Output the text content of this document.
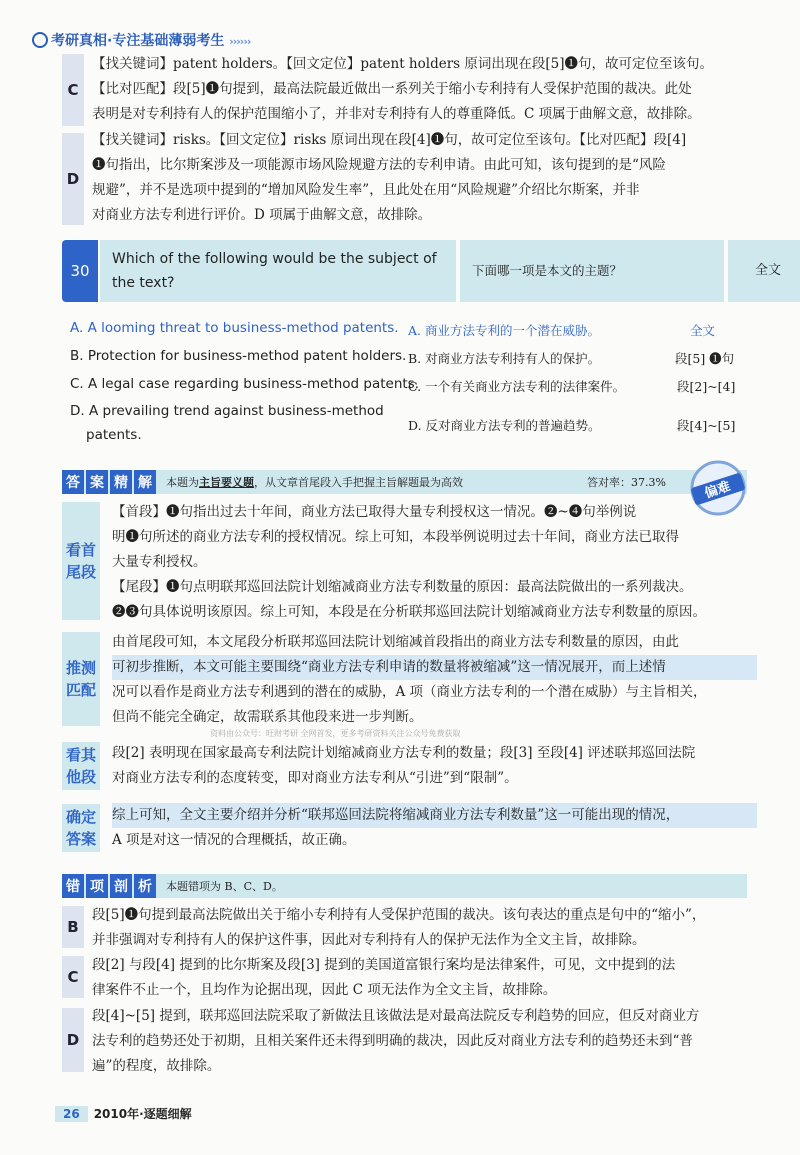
考研真相·专注基础薄弱考生 ››››››
C
【找关键词】patent holders。【回文定位】patent holders 原词出现在段[5]❶句，故可定位至该句。
【比对匹配】段[5]❶句提到，最高法院最近做出一系列关于缩小专利持有人受保护范围的裁决。此处
表明是对专利持有人的保护范围缩小了，并非对专利持有人的尊重降低。C 项属于曲解文意，故排除。
D
【找关键词】risks。【回文定位】risks 原词出现在段[4]❶句，故可定位至该句。【比对匹配】段[4]
❶句指出，比尔斯案涉及一项能源市场风险规避方法的专利申请。由此可知，该句提到的是“风险
规避”，并不是选项中提到的“增加风险发生率”，且此处在用“风险规避”介绍比尔斯案，并非
对商业方法专利进行评价。D 项属于曲解文意，故排除。
30
Which of the following would be the subject of the text?
下面哪一项是本文的主题？	全文
A. A looming threat to business-method patents. A. 商业方法专利的一个潜在威胁。	全文
B. Protection for business-method patent holders. B. 对商业方法专利持有人的保护。	段[5] ❶句
C. A legal case regarding business-method patents.
C. 一个有关商业方法专利的法律案件。	段[2]~[4]
D. A prevailing trend against business-method
patents.
D. 反对商业方法专利的普遍趋势。	段[4]~[5]
答 案 精 解	本题为主旨要义题，从文章首尾段入手把握主旨解题最为高效	答对率：37.3%	偏难
看首
尾段
【首段】❶句指出过去十年间，商业方法已取得大量专利授权这一情况。❷~❹句举例说
明❶句所述的商业方法专利的授权情况。综上可知，本段举例说明过去十年间，商业方法已取得
大量专利授权。
【尾段】❶句点明联邦巡回法院计划缩减商业方法专利数量的原因：最高法院做出的一系列裁决。
❷❸句具体说明该原因。综上可知，本段是在分析联邦巡回法院计划缩减商业方法专利数量的原因。
推测
匹配
由首尾段可知，本文尾段分析联邦巡回法院计划缩减首段指出的商业方法专利数量的原因，由此
可初步推断，本文可能主要围绕“商业方法专利申请的数量将被缩减”这一情况展开，而上述情
况可以看作是商业方法专利遇到的潜在的威胁，A 项（商业方法专利的一个潜在威胁）与主旨相关，
但尚不能完全确定，故需联系其他段来进一步判断。
资料由公众号：旺财考研 全网首发，更多考研资料关注公众号免费获取
看其
他段
段[2] 表明现在国家最高专利法院计划缩减商业方法专利的数量；段[3] 至段[4] 评述联邦巡回法院
对商业方法专利的态度转变，即对商业方法专利从“引进”到“限制”。
确定
答案
综上可知，全文主要介绍并分析“联邦巡回法院将缩减商业方法专利数量”这一可能出现的情况，
A 项是对这一情况的合理概括，故正确。
错 项 剖 析	本题错项为 B、C、D。
B
段[5]❶句提到最高法院做出关于缩小专利持有人受保护范围的裁决。该句表达的重点是句中的“缩小”，
并非强调对专利持有人的保护这件事，因此对专利持有人的保护无法作为全文主旨，故排除。
C
段[2] 与段[4] 提到的比尔斯案及段[3] 提到的美国道富银行案均是法律案件，可见，文中提到的法
律案件不止一个，且均作为论据出现，因此 C 项无法作为全文主旨，故排除。
D
段[4]~[5] 提到，联邦巡回法院采取了新做法且该做法是对最高法院反专利趋势的回应，但反对商业方
法专利的趋势还处于初期，且相关案件还未得到明确的裁决，因此反对商业方法专利的趋势还未到“普
遍”的程度，故排除。
26 2010年·逐题细解
